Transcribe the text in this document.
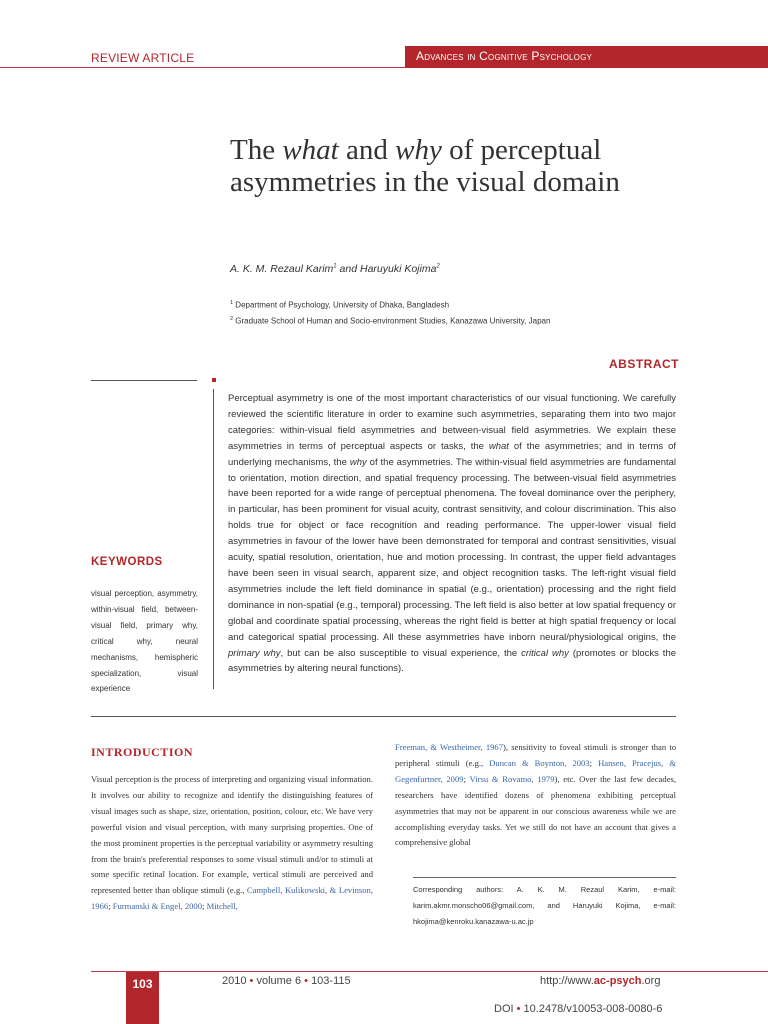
REVIEW ARTICLE	Advances in Cognitive Psychology
The what and why of perceptual asymmetries in the visual domain
A. K. M. Rezaul Karim$^1$ and Haruyuki Kojima$^2$
$^1$ Department of Psychology, University of Dhaka, Bangladesh
$^2$ Graduate School of Human and Socio-environment Studies, Kanazawa University, Japan
ABSTRACT
Perceptual asymmetry is one of the most important characteristics of our visual functioning. We carefully reviewed the scientific literature in order to examine such asymmetries, separating them into two major categories: within-visual field asymmetries and between-visual field asymmetries. We explain these asymmetries in terms of perceptual aspects or tasks, the what of the asymmetries; and in terms of underlying mechanisms, the why of the asymmetries. The within-visual field asymmetries are fundamental to orientation, motion direction, and spatial frequency processing. The between-visual field asymmetries have been reported for a wide range of perceptual phenomena. The foveal dominance over the periphery, in particular, has been prominent for visual acuity, contrast sensitivity, and colour discrimination. This also holds true for object or face recognition and reading performance. The upper-lower visual field asymmetries in favour of the lower have been demonstrated for temporal and contrast sensitivities, visual acuity, spatial resolution, orientation, hue and motion processing. In contrast, the upper field advantages have been seen in visual search, apparent size, and object recognition tasks. The left-right visual field asymmetries include the left field dominance in spatial (e.g., orientation) processing and the right field dominance in non-spatial (e.g., temporal) processing. The left field is also better at low spatial frequency or global and coordinate spatial processing, whereas the right field is better at high spatial frequency or local and categorical spatial processing. All these asymmetries have inborn neural/physiological origins, the primary why, but can be also susceptible to visual experience, the critical why (promotes or blocks the asymmetries by altering neural functions).
KEYWORDS
visual perception, asymmetry, within-visual field, between-visual field, primary why, critical why, neural mechanisms, hemispheric specialization, visual experience
INTRODUCTION
Visual perception is the process of interpreting and organizing visual information. It involves our ability to recognize and identify the distinguishing features of visual images such as shape, size, orientation, position, colour, etc. We have very powerful vision and visual perception, with many surprising properties. One of the most prominent properties is the perceptual variability or asymmetry resulting from the brain's preferential responses to some visual stimuli and/or to stimuli at some specific retinal location. For example, vertical stimuli are perceived and represented better than oblique stimuli (e.g., Campbell, Kulikowski, & Levinson, 1966; Furmanski & Engel, 2000; Mitchell,
Freeman, & Westheimer, 1967), sensitivity to foveal stimuli is stronger than to peripheral stimuli (e.g., Duncan & Boynton, 2003; Hansen, Pracejus, & Gegenfurtner, 2009; Virsu & Rovamo, 1979), etc. Over the last few decades, researchers have identified dozens of phenomena exhibiting perceptual asymmetries that may not be apparent in our conscious awareness while we are accomplishing everyday tasks. Yet we still do not have an account that gives a comprehensive global
Corresponding authors: A. K. M. Rezaul Karim, e-mail: karim.akmr.monscho06@gmail.com, and Haruyuki Kojima, e-mail: hkojima@kenroku.kanazawa-u.ac.jp
103	2010 • volume 6 • 103-115	http://www.ac-psych.org
DOI • 10.2478/v10053-008-0080-6
